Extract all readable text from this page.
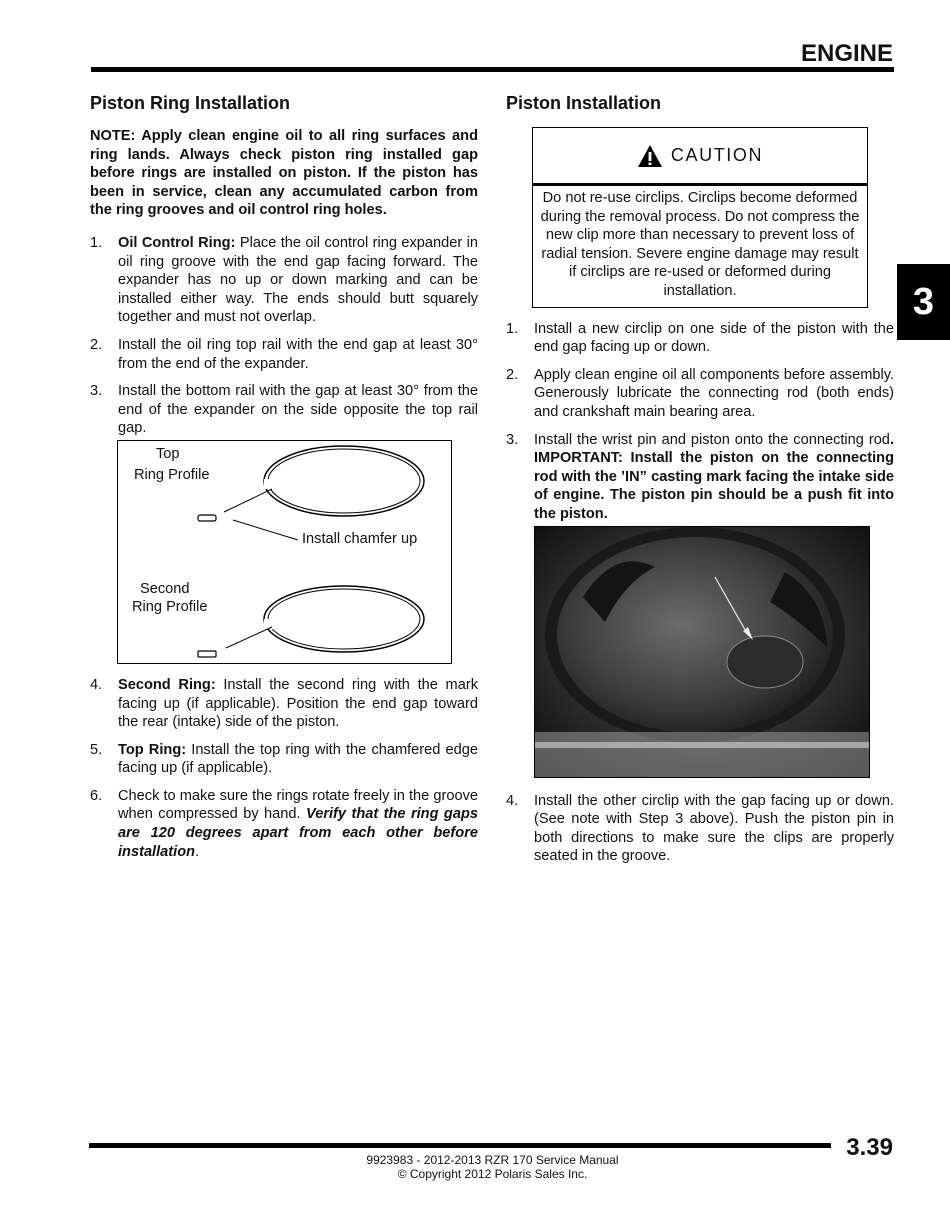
ENGINE
3
Piston Ring Installation

NOTE: Apply clean engine oil to all ring surfaces and ring lands. Always check piston ring installed gap before rings are installed on piston. If the piston has been in service, clean any accumulated carbon from the ring grooves and oil control ring holes.

1. Oil Control Ring: Place the oil control ring expander in oil ring groove with the end gap facing forward. The expander has no up or down marking and can be installed either way. The ends should butt squarely together and must not overlap.
2. Install the oil ring top rail with the end gap at least 30° from the end of the expander.
3. Install the bottom rail with the gap at least 30° from the end of the expander on the side opposite the top rail gap.
Top
Ring Profile
Install chamfer up
Second
Ring Profile
4. Second Ring: Install the second ring with the mark facing up (if applicable). Position the end gap toward the rear (intake) side of the piston.
5. Top Ring: Install the top ring with the chamfered edge facing up (if applicable).
6. Check to make sure the rings rotate freely in the groove when compressed by hand. Verify that the ring gaps are 120 degrees apart from each other before installation.
Piston Installation
CAUTION
Do not re-use circlips. Circlips become deformed during the removal process. Do not compress the new clip more than necessary to prevent loss of radial tension. Severe engine damage may result if circlips are re-used or deformed during installation.
1. Install a new circlip on one side of the piston with the end gap facing up or down.
2. Apply clean engine oil all components before assembly. Generously lubricate the connecting rod (both ends) and crankshaft main bearing area.
3. Install the wrist pin and piston onto the connecting rod. IMPORTANT: Install the piston on the connecting rod with the ’IN” casting mark facing the intake side of engine. The piston pin should be a push fit into the piston.
4. Install the other circlip with the gap facing up or down. (See note with Step 3 above). Push the piston pin in both directions to make sure the clips are properly seated in the groove.
3.39
9923983 - 2012-2013 RZR 170 Service Manual
© Copyright 2012 Polaris Sales Inc.
